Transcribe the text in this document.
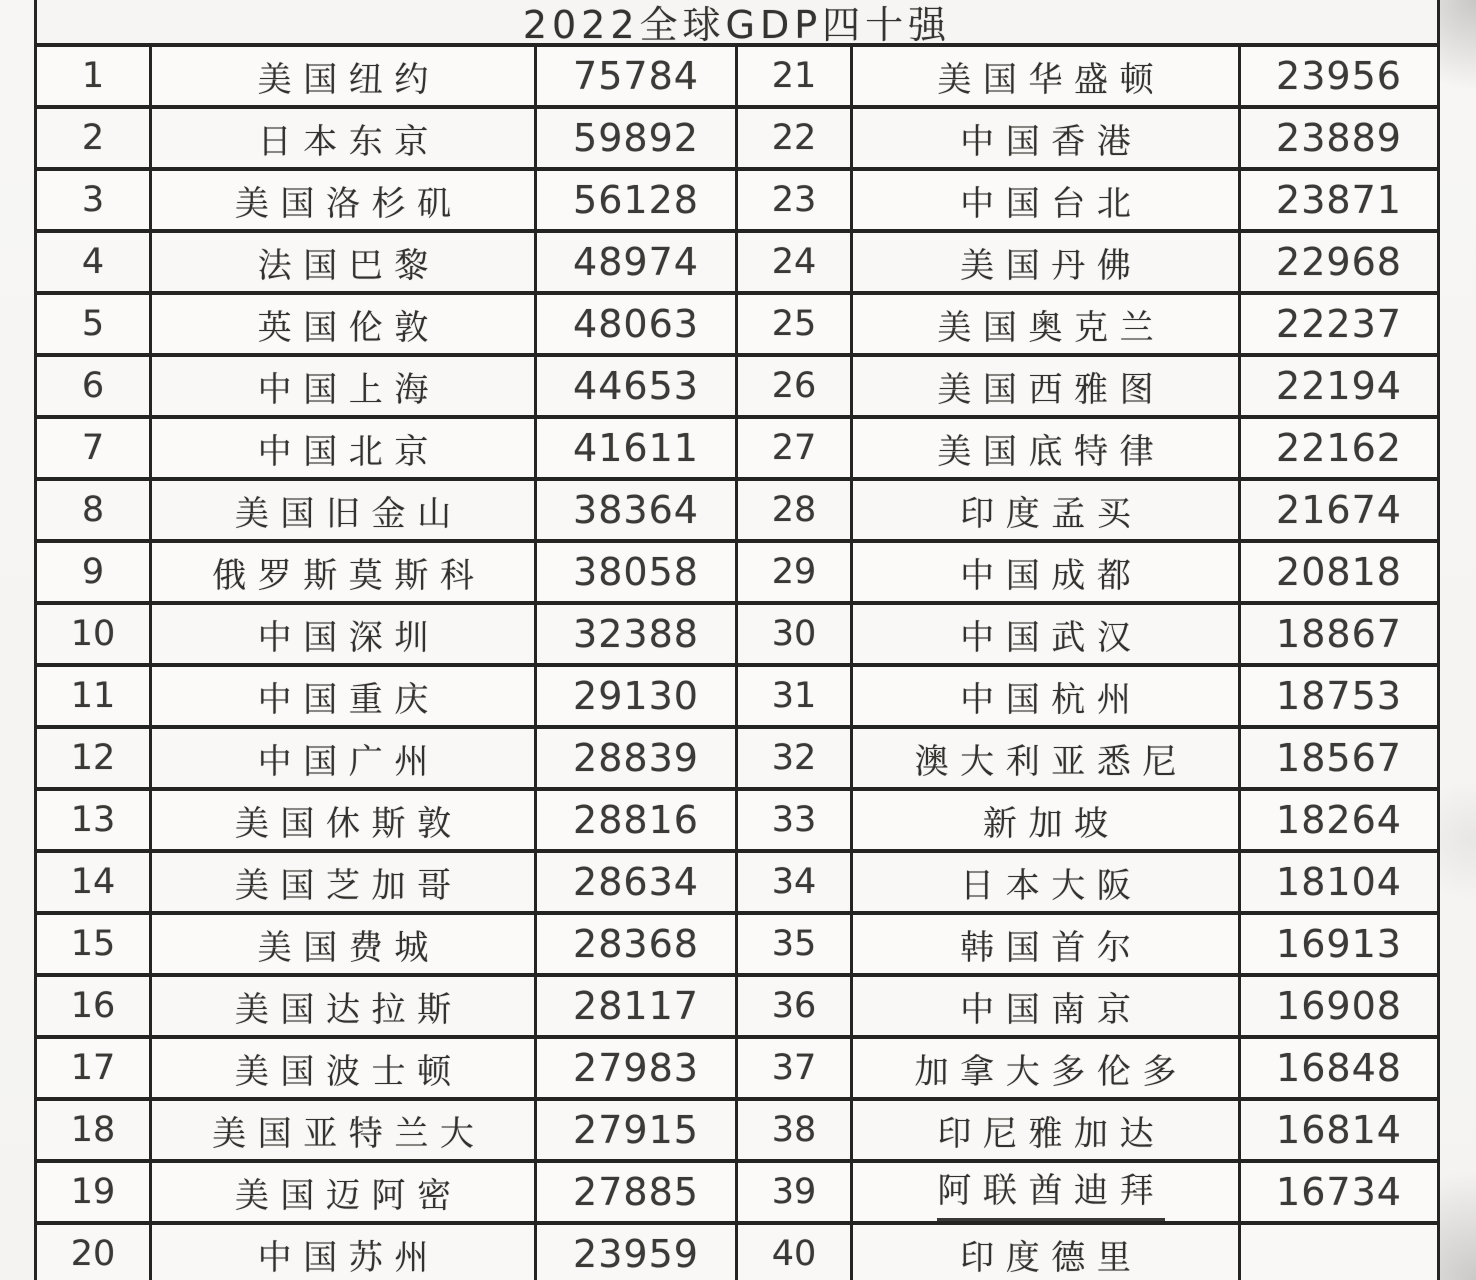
2022全球GDP四十强
1	美国纽约	75784 21	美国华盛顿	23956
2	日本东京	59892 22	中国香港	23889
3	美国洛杉矶	56128 23	中国台北	23871
4	法国巴黎	48974 24	美国丹佛	22968
5	英国伦敦	48063 25	美国奥克兰	22237
6	中国上海	44653 26	美国西雅图	22194
7	中国北京	41611 27	美国底特律	22162
8	美国旧金山	38364 28	印度孟买	21674
9	俄罗斯莫斯科 38058 29	中国成都	20818
10	中国深圳	32388 30	中国武汉	18867
11	中国重庆	29130 31	中国杭州	18753
12	中国广州	28839 32	澳大利亚悉尼 18567
13	美国休斯敦	28816 33	新加坡	18264
14	美国芝加哥	28634 34	日本大阪	18104
15	美国费城	28368 35	韩国首尔	16913
16	美国达拉斯	28117 36	中国南京	16908
17	美国波士顿	27983 37	加拿大多伦多 16848
18	美国亚特兰大 27915 38	印尼雅加达	16814
19	美国迈阿密	27885 39	阿联酋迪拜	16734
20	中国苏州	23959 40	印度德里
